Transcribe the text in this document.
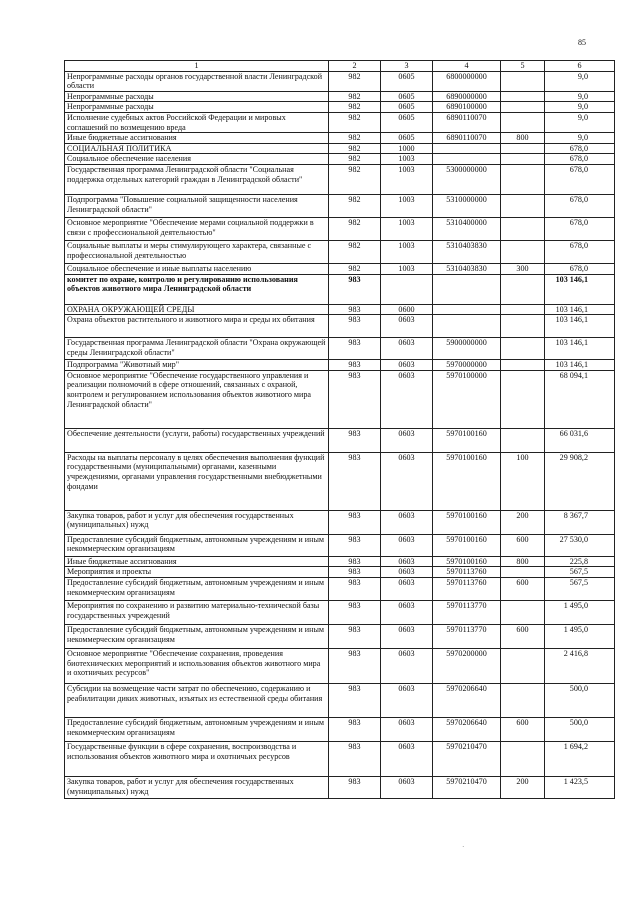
85
1	2	3	4	5	6
Непрограммные расходы органов государственной власти Ленинградской области	982	0605	6800000000		9,0
Непрограммные расходы	982	0605	6890000000		9,0
Непрограммные расходы	982	0605	6890100000		9,0
Исполнение судебных актов Российской Федерации и мировых соглашений по возмещению вреда	982	0605	6890110070		9,0
Иные бюджетные ассигнования	982	0605	6890110070	800	9,0
СОЦИАЛЬНАЯ ПОЛИТИКА	982	1000			678,0
Социальное обеспечение населения	982	1003			678,0
Государственная программа Ленинградской области "Социальная поддержка отдельных категорий граждан в Ленинградской области"	982	1003	5300000000		678,0
Подпрограмма "Повышение социальной защищенности населения Ленинградской области"	982	1003	5310000000		678,0
Основное мероприятие "Обеспечение мерами социальной поддержки в связи с профессиональной деятельностью"	982	1003	5310400000		678,0
Социальные выплаты и меры стимулирующего характера, связанные с профессиональной деятельностью	982	1003	5310403830		678,0
Социальное обеспечение и иные выплаты населению	982	1003	5310403830	300	678,0
комитет по охране, контролю и регулированию использования объектов животного мира Ленинградской области	983				103 146,1
ОХРАНА ОКРУЖАЮЩЕЙ СРЕДЫ	983	0600			103 146,1
Охрана объектов растительного и животного мира и среды их обитания	983	0603			103 146,1
Государственная программа Ленинградской области "Охрана окружающей среды Ленинградской области"	983	0603	5900000000		103 146,1
Подпрограмма "Животный мир"	983	0603	5970000000		103 146,1
Основное мероприятие "Обеспечение государственного управления и реализации полномочий в сфере отношений, связанных с охраной, контролем и регулированием использования объектов животного мира Ленинградской области"	983	0603	5970100000		68 094,1
Обеспечение деятельности (услуги, работы) государственных учреждений	983	0603	5970100160		66 031,6
Расходы на выплаты персоналу в целях обеспечения выполнения функций государственными (муниципальными) органами, казенными учреждениями, органами управления государственными внебюджетными фондами	983	0603	5970100160	100	29 908,2
Закупка товаров, работ и услуг для обеспечения государственных (муниципальных) нужд	983	0603	5970100160	200	8 367,7
Предоставление субсидий бюджетным, автономным учреждениям и иным некоммерческим организациям	983	0603	5970100160	600	27 530,0
Иные бюджетные ассигнования	983	0603	5970100160	800	225,8
Мероприятия и проекты	983	0603	5970113760		567,5
Предоставление субсидий бюджетным, автономным учреждениям и иным некоммерческим организациям	983	0603	5970113760	600	567,5
Мероприятия по сохранению и развитию материально-технической базы государственных учреждений	983	0603	5970113770		1 495,0
Предоставление субсидий бюджетным, автономным учреждениям и иным некоммерческим организациям	983	0603	5970113770	600	1 495,0
Основное мероприятие "Обеспечение сохранения, проведения биотехнических мероприятий и использования объектов животного мира и охотничьих ресурсов"	983	0603	5970200000		2 416,8
Субсидии на возмещение части затрат по обеспечению, содержанию и реабилитации диких животных, изъятых из естественной среды обитания	983	0603	5970206640		500,0
Предоставление субсидий бюджетным, автономным учреждениям и иным некоммерческим организациям	983	0603	5970206640	600	500,0
Государственные функции в сфере сохранения, воспроизводства и использования объектов животного мира и охотничьих ресурсов	983	0603	5970210470		1 694,2
Закупка товаров, работ и услуг для обеспечения государственных (муниципальных) нужд	983	0603	5970210470	200	1 423,5
˙
